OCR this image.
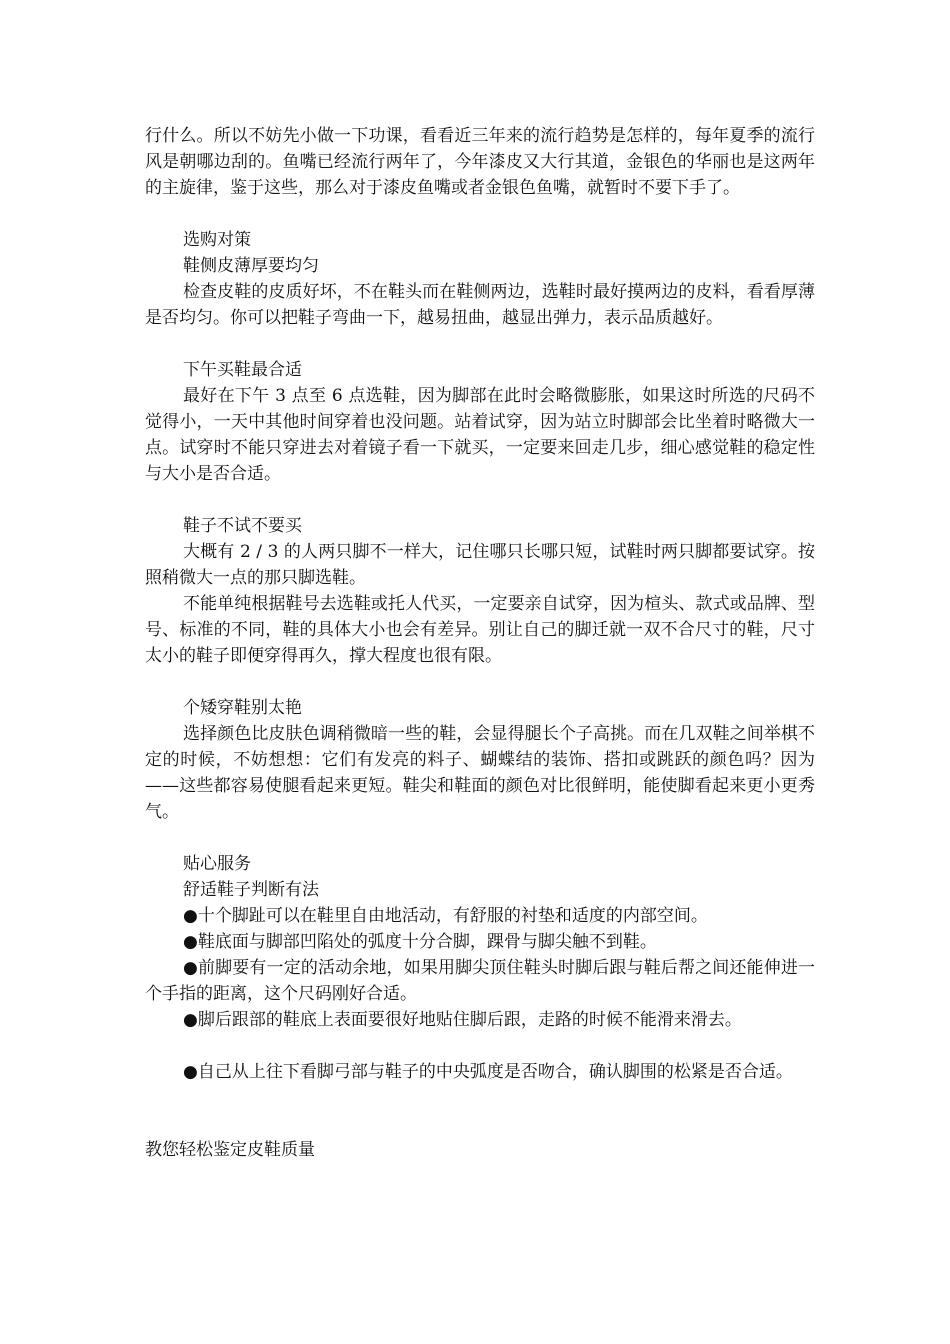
行什么。所以不妨先小做一下功课，看看近三年来的流行趋势是怎样的，每年夏季的流行风是朝哪边刮的。鱼嘴已经流行两年了，今年漆皮又大行其道，金银色的华丽也是这两年的主旋律，鉴于这些，那么对于漆皮鱼嘴或者金银色鱼嘴，就暂时不要下手了。

选购对策

鞋侧皮薄厚要均匀

检查皮鞋的皮质好坏，不在鞋头而在鞋侧两边，选鞋时最好摸两边的皮料，看看厚薄是否均匀。你可以把鞋子弯曲一下，越易扭曲，越显出弹力，表示品质越好。

下午买鞋最合适

最好在下午 3 点至 6 点选鞋，因为脚部在此时会略微膨胀，如果这时所选的尺码不觉得小，一天中其他时间穿着也没问题。站着试穿，因为站立时脚部会比坐着时略微大一点。试穿时不能只穿进去对着镜子看一下就买，一定要来回走几步，细心感觉鞋的稳定性与大小是否合适。

鞋子不试不要买

大概有 2 / 3 的人两只脚不一样大，记住哪只长哪只短，试鞋时两只脚都要试穿。按照稍微大一点的那只脚选鞋。

不能单纯根据鞋号去选鞋或托人代买，一定要亲自试穿，因为楦头、款式或品牌、型号、标准的不同，鞋的具体大小也会有差异。别让自己的脚迁就一双不合尺寸的鞋，尺寸太小的鞋子即便穿得再久，撑大程度也很有限。

个矮穿鞋别太艳

选择颜色比皮肤色调稍微暗一些的鞋，会显得腿长个子高挑。而在几双鞋之间举棋不定的时候，不妨想想：它们有发亮的料子、蝴蝶结的装饰、搭扣或跳跃的颜色吗？因为——这些都容易使腿看起来更短。鞋尖和鞋面的颜色对比很鲜明，能使脚看起来更小更秀气。

贴心服务

舒适鞋子判断有法

●十个脚趾可以在鞋里自由地活动，有舒服的衬垫和适度的内部空间。

●鞋底面与脚部凹陷处的弧度十分合脚，踝骨与脚尖触不到鞋。

●前脚要有一定的活动余地，如果用脚尖顶住鞋头时脚后跟与鞋后帮之间还能伸进一个手指的距离，这个尺码刚好合适。

●脚后跟部的鞋底上表面要很好地贴住脚后跟，走路的时候不能滑来滑去。

●自己从上往下看脚弓部与鞋子的中央弧度是否吻合，确认脚围的松紧是否合适。

教您轻松鉴定皮鞋质量
